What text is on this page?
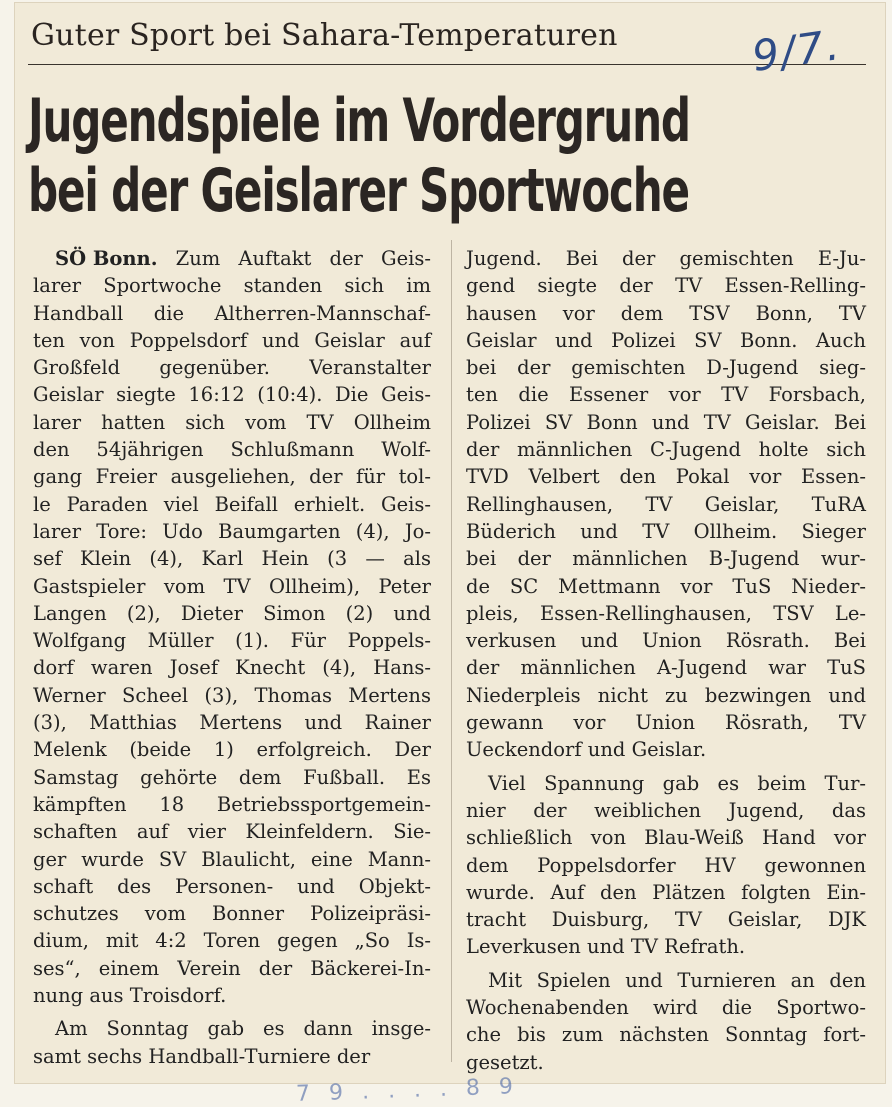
Guter Sport bei Sahara-Temperaturen	9/7.
Jugendspiele im Vordergrund
bei der Geislarer Sportwoche
SÖ Bonn. Zum Auftakt der Geis-
larer Sportwoche standen sich im
Handball die Altherren-Mannschaf-
ten von Poppelsdorf und Geislar auf
Großfeld gegenüber. Veranstalter
Geislar siegte 16:12 (10:4). Die Geis-
larer hatten sich vom TV Ollheim
den 54jährigen Schlußmann Wolf-
gang Freier ausgeliehen, der für tol-
le Paraden viel Beifall erhielt. Geis-
larer Tore: Udo Baumgarten (4), Jo-
sef Klein (4), Karl Hein (3 — als
Gastspieler vom TV Ollheim), Peter
Langen (2), Dieter Simon (2) und
Wolfgang Müller (1). Für Poppels-
dorf waren Josef Knecht (4), Hans-
Werner Scheel (3), Thomas Mertens
(3), Matthias Mertens und Rainer
Melenk (beide 1) erfolgreich. Der
Samstag gehörte dem Fußball. Es
kämpften 18 Betriebssportgemein-
schaften auf vier Kleinfeldern. Sie-
ger wurde SV Blaulicht, eine Mann-
schaft des Personen- und Objekt-
schutzes vom Bonner Polizeipräsi-
dium, mit 4:2 Toren gegen „So Is-
ses“, einem Verein der Bäckerei-In-
nung aus Troisdorf.
Am Sonntag gab es dann insge-
samt sechs Handball-Turniere der
Jugend. Bei der gemischten E-Ju-
gend siegte der TV Essen-Relling-
hausen vor dem TSV Bonn, TV
Geislar und Polizei SV Bonn. Auch
bei der gemischten D-Jugend sieg-
ten die Essener vor TV Forsbach,
Polizei SV Bonn und TV Geislar. Bei
der männlichen C-Jugend holte sich
TVD Velbert den Pokal vor Essen-
Rellinghausen, TV Geislar, TuRA
Büderich und TV Ollheim. Sieger
bei der männlichen B-Jugend wur-
de SC Mettmann vor TuS Nieder-
pleis, Essen-Rellinghausen, TSV Le-
verkusen und Union Rösrath. Bei
der männlichen A-Jugend war TuS
Niederpleis nicht zu bezwingen und
gewann vor Union Rösrath, TV
Ueckendorf und Geislar.
Viel Spannung gab es beim Tur-
nier der weiblichen Jugend, das
schließlich von Blau-Weiß Hand vor
dem Poppelsdorfer HV gewonnen
wurde. Auf den Plätzen folgten Ein-
tracht Duisburg, TV Geislar, DJK
Leverkusen und TV Refrath.
Mit Spielen und Turnieren an den
Wochenabenden wird die Sportwo-
che bis zum nächsten Sonntag fort-
gesetzt.
7 9 . . . . 8 9
